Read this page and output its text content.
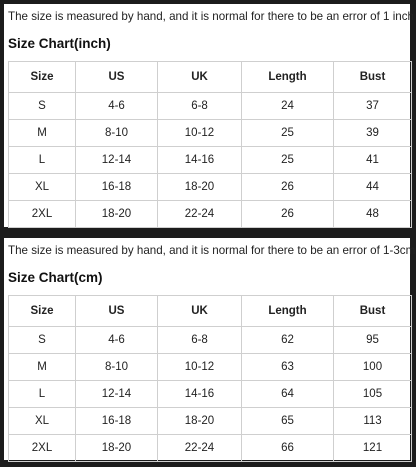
The size is measured by hand, and it is normal for there to be an error of 1 inch
Size Chart(inch)
Size	US	UK	Length	Bust
S	4-6	6-8	24	37
M	8-10	10-12	25	39
L	12-14	14-16	25	41
XL	16-18	18-20	26	44
2XL	18-20	22-24	26	48
The size is measured by hand, and it is normal for there to be an error of 1-3cm
Size Chart(cm)
Size	US	UK	Length	Bust
S	4-6	6-8	62	95
M	8-10	10-12	63	100
L	12-14	14-16	64	105
XL	16-18	18-20	65	113
2XL	18-20	22-24	66	121
